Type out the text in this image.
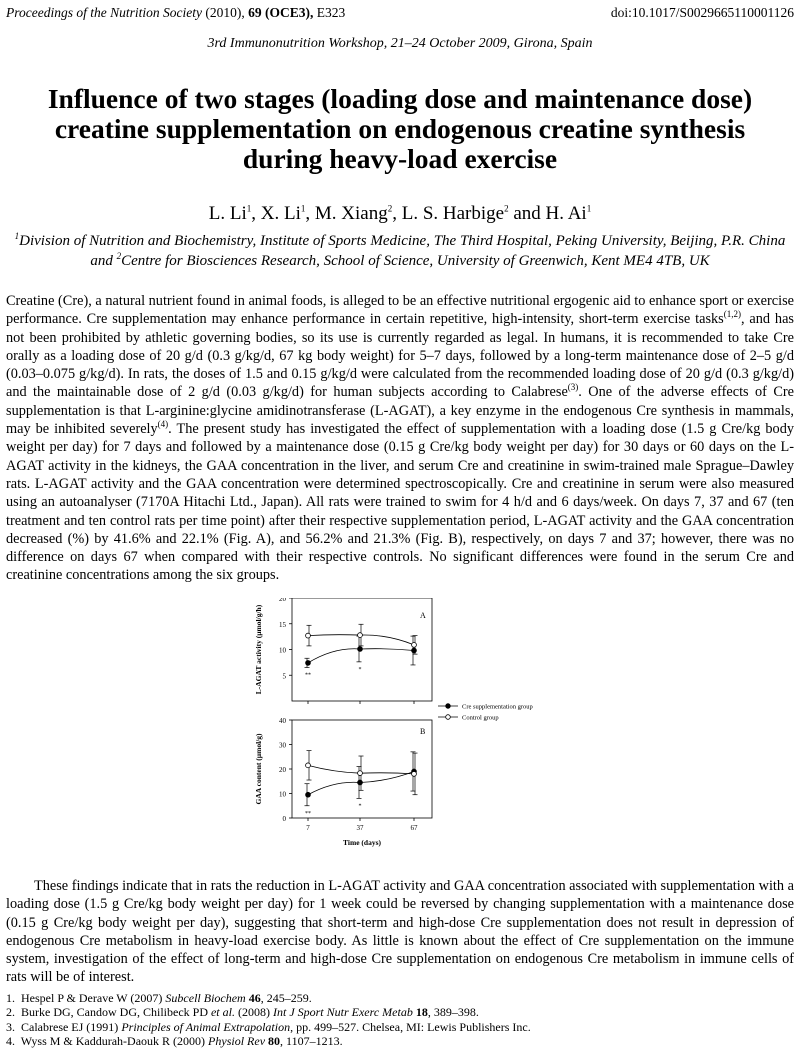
Proceedings of the Nutrition Society (2010), 69 (OCE3), E323	doi:10.1017/S0029665110001126
3rd Immunonutrition Workshop, 21–24 October 2009, Girona, Spain
Influence of two stages (loading dose and maintenance dose) creatine supplementation on endogenous creatine synthesis during heavy-load exercise
L. Li$^1$, X. Li$^1$, M. Xiang$^2$, L. S. Harbige$^2$ and H. Ai$^1$
$^1$Division of Nutrition and Biochemistry, Institute of Sports Medicine, The Third Hospital, Peking University, Beijing, P.R. China and $^2$Centre for Biosciences Research, School of Science, University of Greenwich, Kent ME4 4TB, UK

Creatine (Cre), a natural nutrient found in animal foods, is alleged to be an effective nutritional ergogenic aid to enhance sport or exercise performance. Cre supplementation may enhance performance in certain repetitive, high-intensity, short-term exercise tasks$^{(1,2)}$, and has not been prohibited by athletic governing bodies, so its use is currently regarded as legal. In humans, it is recommended to take Cre orally as a loading dose of 20 g/d (0.3 g/kg/d, 67 kg body weight) for 5–7 days, followed by a long-term maintenance dose of 2–5 g/d (0.03–0.075 g/kg/d). In rats, the doses of 1.5 and 0.15 g/kg/d were calculated from the recommended loading dose of 20 g/d (0.3 g/kg/d) and the maintainable dose of 2 g/d (0.03 g/kg/d) for human subjects according to Calabrese$^{(3)}$. One of the adverse effects of Cre supplementation is that L-arginine:glycine amidinotransferase (L-AGAT), a key enzyme in the endogenous Cre synthesis in mammals, may be inhibited severely$^{(4)}$. The present study has investigated the effect of supplementation with a loading dose (1.5 g Cre/kg body weight per day) for 7 days and followed by a maintenance dose (0.15 g Cre/kg body weight per day) for 30 days or 60 days on the L-AGAT activity in the kidneys, the GAA concentration in the liver, and serum Cre and creatinine in swim-trained male Sprague–Dawley rats. L-AGAT activity and the GAA concentration were determined spectroscopically. Cre and creatinine in serum were also measured using an autoanalyser (7170A Hitachi Ltd., Japan). All rats were trained to swim for 4 h/d and 6 days/week. On days 7, 37 and 67 (ten treatment and ten control rats per time point) after their respective supplementation period, L-AGAT activity and the GAA concentration decreased (%) by 41.6% and 22.1% (Fig. A), and 56.2% and 21.3% (Fig. B), respectively, on days 7 and 37; however, there was no difference on days 67 when compared with their respective controls. No significant differences were found in the serum Cre and creatinine concentrations among the six groups.

5
10
15
20
L-AGAT activity (µmol/g/h)	A
**
*
0
10
20
30
40
GAA content (µmol/g)
B
**
*
7	37	67
Time (days)
Cre supplementation group
Control group

These findings indicate that in rats the reduction in L-AGAT activity and GAA concentration associated with supplementation with a loading dose (1.5 g Cre/kg body weight per day) for 1 week could be reversed by changing supplementation with a maintenance dose (0.15 g Cre/kg body weight per day), suggesting that short-term and high-dose Cre supplementation does not result in depression of endogenous Cre metabolism in heavy-load exercise body. As little is known about the effect of Cre supplementation on the immune system, investigation of the effect of long-term and high-dose Cre supplementation on endogenous Cre metabolism in immune cells of rats will be of interest.

1. Hespel P & Derave W (2007) Subcell Biochem 46, 245–259.
2. Burke DG, Candow DG, Chilibeck PD et al. (2008) Int J Sport Nutr Exerc Metab 18, 389–398.
3. Calabrese EJ (1991) Principles of Animal Extrapolation, pp. 499–527. Chelsea, MI: Lewis Publishers Inc.
4. Wyss M & Kaddurah-Daouk R (2000) Physiol Rev 80, 1107–1213.
